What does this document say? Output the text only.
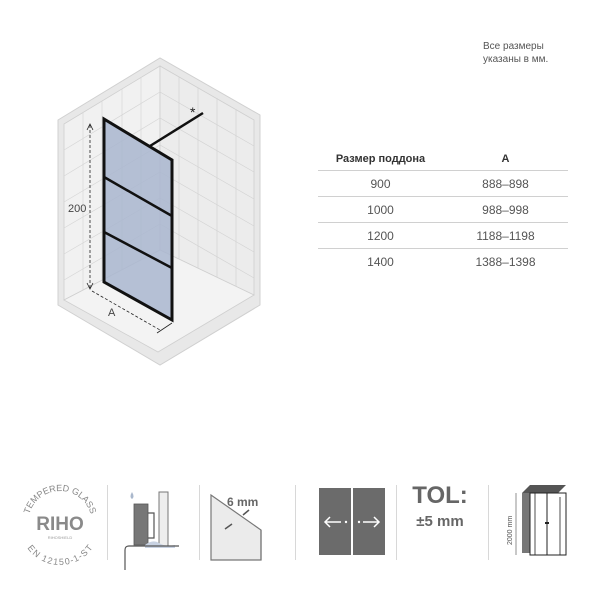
Все размеры
указаны в мм.
*
200
A
Размер поддона	A
900	888–898
1000	988–998
1200	1188–1198
1400	1388–1398
TEMPERED GLASS
RIHO
RIHOSHIELD
EN 12150-1-ST
6 mm
2000 mm
TOL:
±5 mm
